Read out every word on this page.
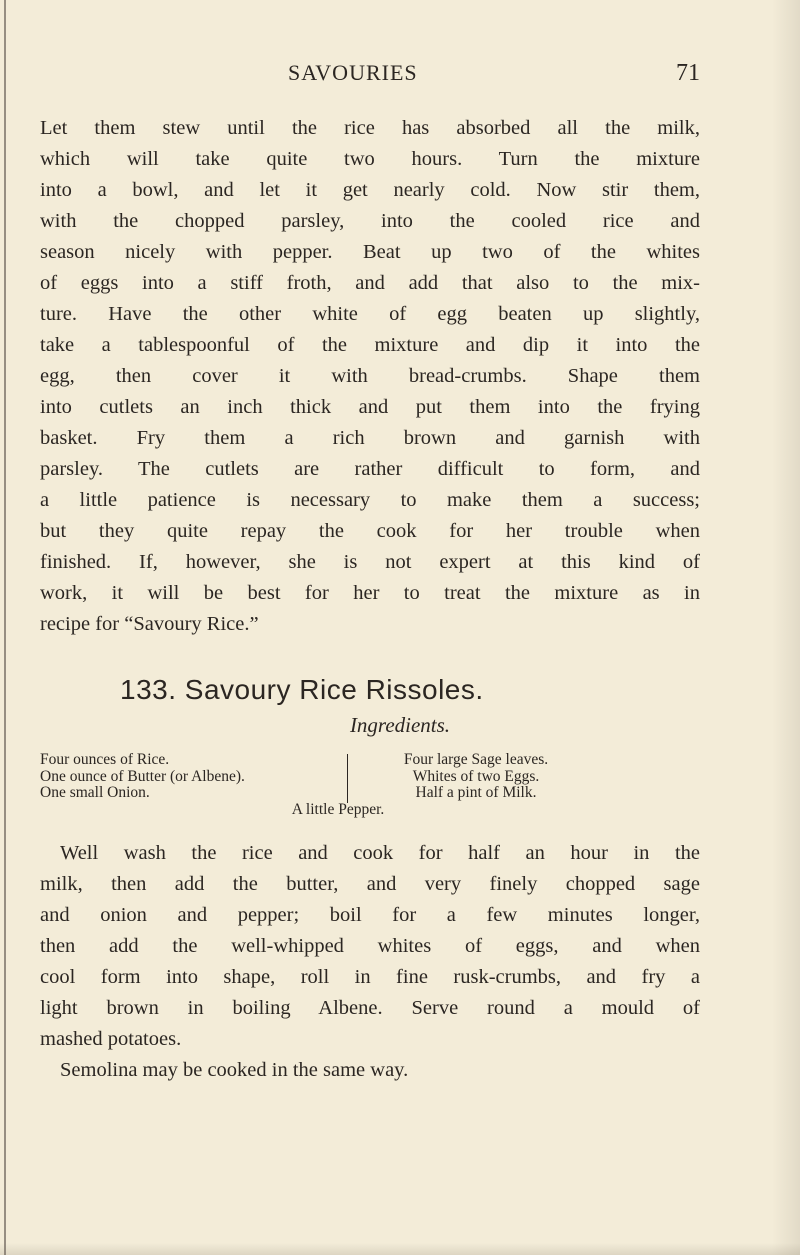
SAVOURIES	71
Let them stew until the rice has absorbed all the milk,
which will take quite two hours. Turn the mixture
into a bowl, and let it get nearly cold. Now stir them,
with the chopped parsley, into the cooled rice and
season nicely with pepper. Beat up two of the whites
of eggs into a stiff froth, and add that also to the mix-
ture. Have the other white of egg beaten up slightly,
take a tablespoonful of the mixture and dip it into the
egg, then cover it with bread-crumbs. Shape them
into cutlets an inch thick and put them into the frying
basket. Fry them a rich brown and garnish with
parsley. The cutlets are rather difficult to form, and
a little patience is necessary to make them a success;
but they quite repay the cook for her trouble when
finished. If, however, she is not expert at this kind of
work, it will be best for her to treat the mixture as in
recipe for “Savoury Rice.”
133. Savoury Rice Rissoles.
Ingredients.
Four ounces of Rice.
One ounce of Butter (or Albene).
One small Onion.
Four large Sage leaves.
Whites of two Eggs.
Half a pint of Milk.
A little Pepper.
Well wash the rice and cook for half an hour in the
milk, then add the butter, and very finely chopped sage
and onion and pepper; boil for a few minutes longer,
then add the well-whipped whites of eggs, and when
cool form into shape, roll in fine rusk-crumbs, and fry a
light brown in boiling Albene. Serve round a mould of
mashed potatoes.
Semolina may be cooked in the same way.
